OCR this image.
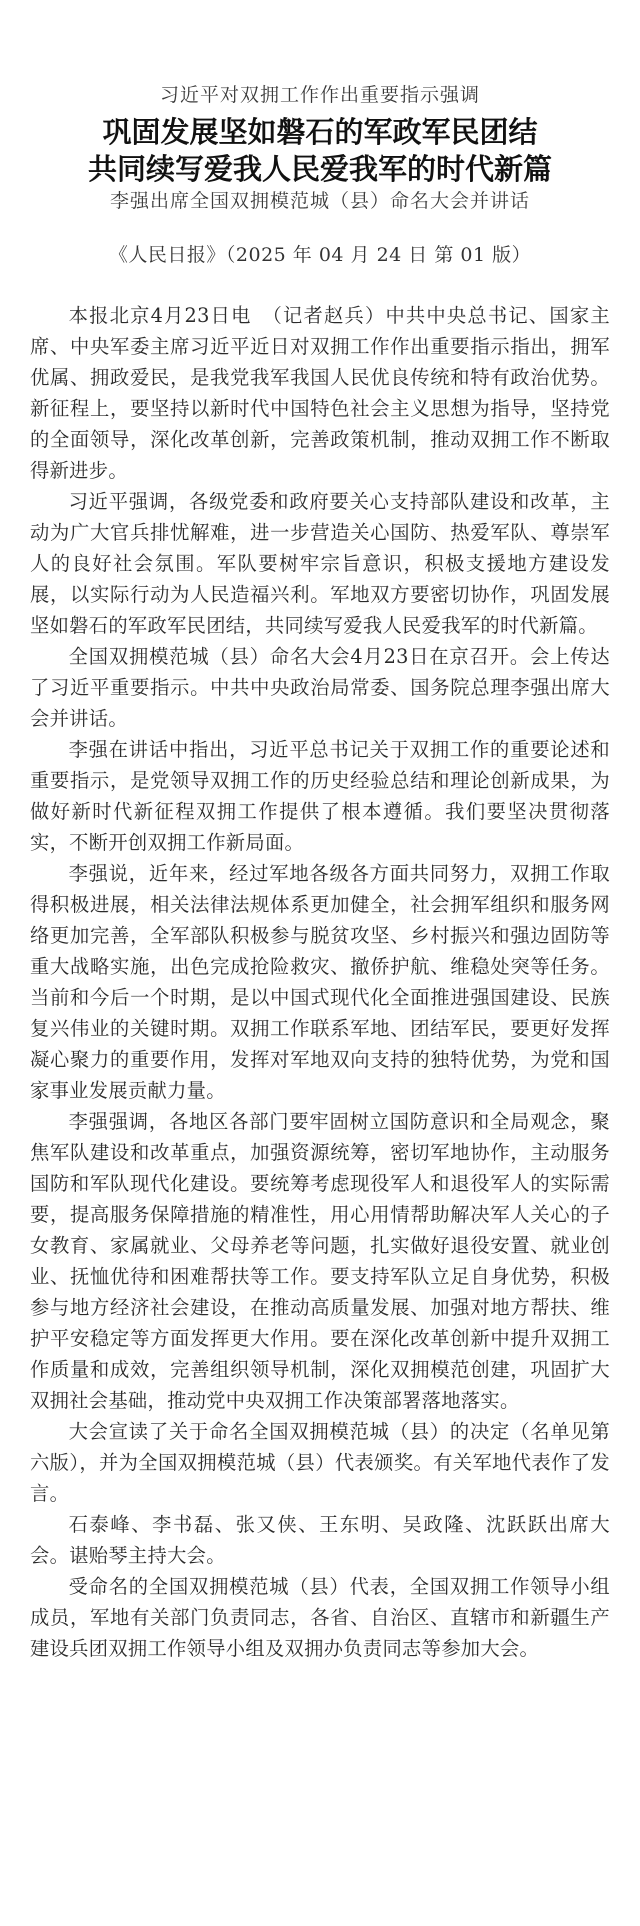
习近平对双拥工作作出重要指示强调
巩固发展坚如磐石的军政军民团结
共同续写爱我人民爱我军的时代新篇
李强出席全国双拥模范城（县）命名大会并讲话
《人民日报》（2025 年 04 月 24 日 第 01 版）

本报北京4月23日电　（记者赵兵）中共中央总书记、国家主席、中央军委主席习近平近日对双拥工作作出重要指示指出，拥军优属、拥政爱民，是我党我军我国人民优良传统和特有政治优势。新征程上，要坚持以新时代中国特色社会主义思想为指导，坚持党的全面领导，深化改革创新，完善政策机制，推动双拥工作不断取得新进步。

习近平强调，各级党委和政府要关心支持部队建设和改革，主动为广大官兵排忧解难，进一步营造关心国防、热爱军队、尊崇军人的良好社会氛围。军队要树牢宗旨意识，积极支援地方建设发展，以实际行动为人民造福兴利。军地双方要密切协作，巩固发展坚如磐石的军政军民团结，共同续写爱我人民爱我军的时代新篇。

全国双拥模范城（县）命名大会4月23日在京召开。会上传达了习近平重要指示。中共中央政治局常委、国务院总理李强出席大会并讲话。

李强在讲话中指出，习近平总书记关于双拥工作的重要论述和重要指示，是党领导双拥工作的历史经验总结和理论创新成果，为做好新时代新征程双拥工作提供了根本遵循。我们要坚决贯彻落实，不断开创双拥工作新局面。

李强说，近年来，经过军地各级各方面共同努力，双拥工作取得积极进展，相关法律法规体系更加健全，社会拥军组织和服务网络更加完善，全军部队积极参与脱贫攻坚、乡村振兴和强边固防等重大战略实施，出色完成抢险救灾、撤侨护航、维稳处突等任务。当前和今后一个时期，是以中国式现代化全面推进强国建设、民族复兴伟业的关键时期。双拥工作联系军地、团结军民，要更好发挥凝心聚力的重要作用，发挥对军地双向支持的独特优势，为党和国家事业发展贡献力量。

李强强调，各地区各部门要牢固树立国防意识和全局观念，聚焦军队建设和改革重点，加强资源统筹，密切军地协作，主动服务国防和军队现代化建设。要统筹考虑现役军人和退役军人的实际需要，提高服务保障措施的精准性，用心用情帮助解决军人关心的子女教育、家属就业、父母养老等问题，扎实做好退役安置、就业创业、抚恤优待和困难帮扶等工作。要支持军队立足自身优势，积极参与地方经济社会建设，在推动高质量发展、加强对地方帮扶、维护平安稳定等方面发挥更大作用。要在深化改革创新中提升双拥工作质量和成效，完善组织领导机制，深化双拥模范创建，巩固扩大双拥社会基础，推动党中央双拥工作决策部署落地落实。

大会宣读了关于命名全国双拥模范城（县）的决定（名单见第六版），并为全国双拥模范城（县）代表颁奖。有关军地代表作了发言。

石泰峰、李书磊、张又侠、王东明、吴政隆、沈跃跃出席大会。谌贻琴主持大会。

受命名的全国双拥模范城（县）代表，全国双拥工作领导小组成员，军地有关部门负责同志，各省、自治区、直辖市和新疆生产建设兵团双拥工作领导小组及双拥办负责同志等参加大会。
